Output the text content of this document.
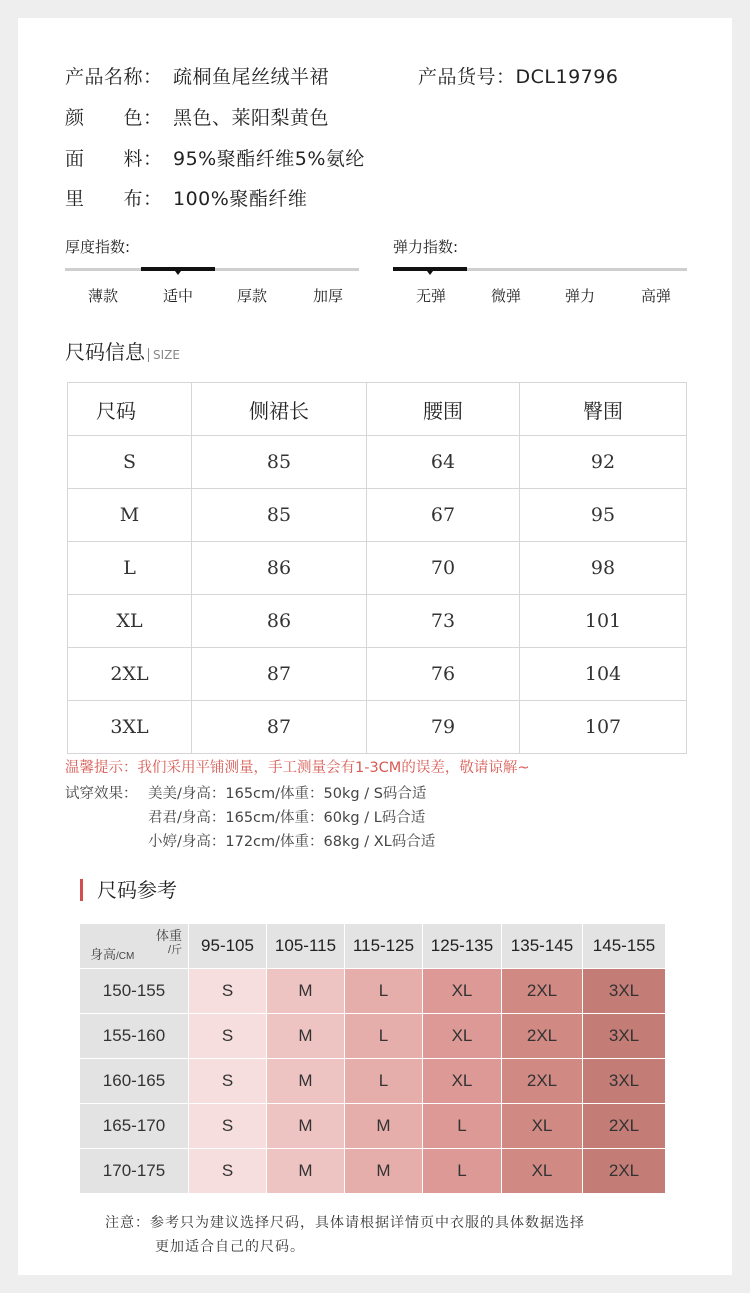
产品名称： 疏桐鱼尾丝绒半裙	产品货号：DCL19796
颜　　色： 黑色、莱阳梨黄色
面　　料： 95%聚酯纤维5%氨纶
里　　布： 100%聚酯纤维
厚度指数:
薄款	适中	厚款	加厚
弹力指数:
无弹	微弹	弹力	高弹
尺码信息 SIZE
尺码	侧裙长	腰围	臀围
S	85	64	92
M	85	67	95
L	86	70	98
XL	86	73	101
2XL	87	76	104
3XL	87	79	107
温馨提示：我们采用平铺测量，手工测量会有1-3CM的误差，敬请谅解~
试穿效果： 美美/身高：165cm/体重：50kg / S码合适
君君/身高：165cm/体重：60kg / L码合适
小婷/身高：172cm/体重：68kg / XL码合适
尺码参考
体重
/斤
身高/CM	95-105	105-115	115-125	125-135	135-145	145-155
150-155	S	M	L	XL	2XL	3XL
155-160	S	M	L	XL	2XL	3XL
160-165	S	M	L	XL	2XL	3XL
165-170	S	M	M	L	XL	2XL
170-175	S	M	M	L	XL	2XL
注意：参考只为建议选择尺码，具体请根据详情页中衣服的具体数据选择
更加适合自己的尺码。
